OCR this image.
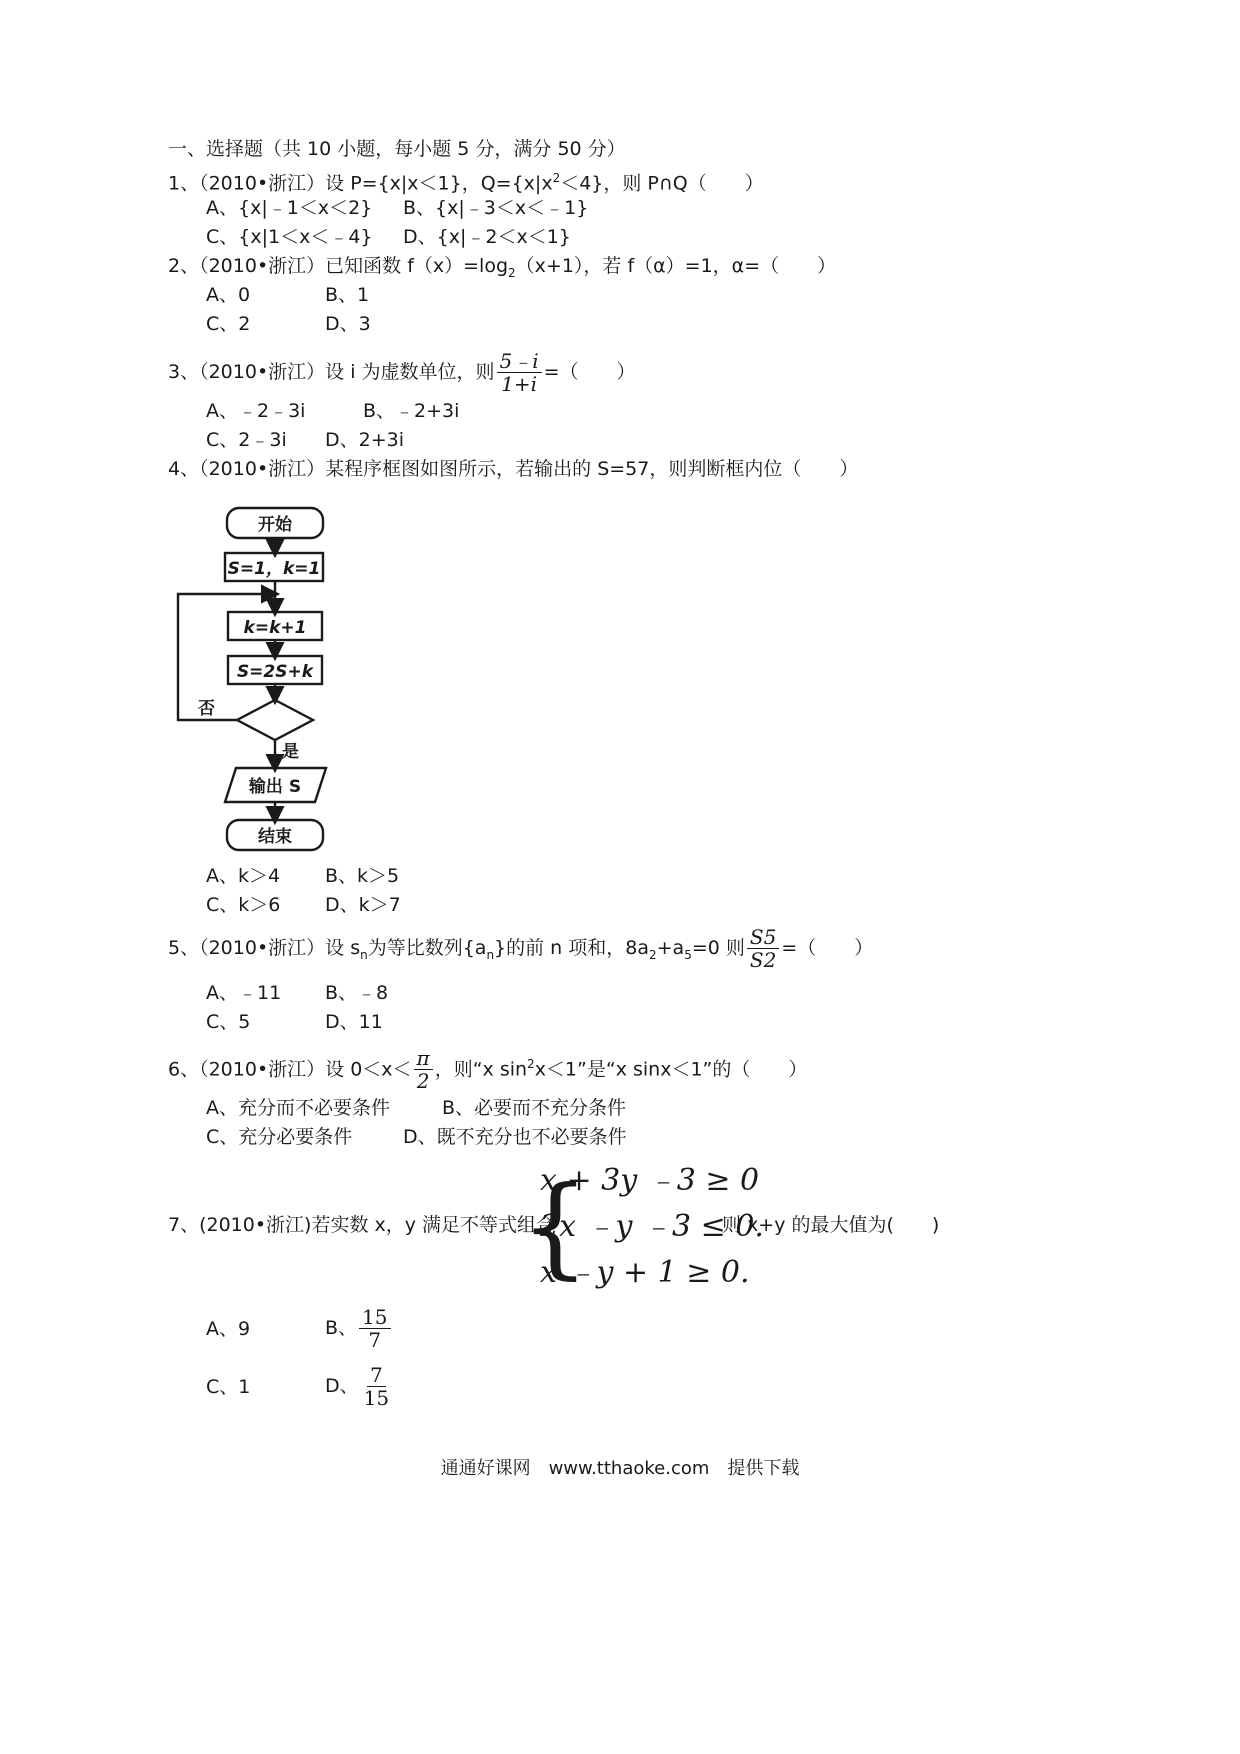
一、选择题（共 10 小题，每小题 5 分，满分 50 分）
1、（2010•浙江）设 P={x|x＜1}，$Q=\{x|x^2<4\}$，则 P∩Q（　　）
A、{x|﹣1＜x＜2} B、{x|﹣3＜x＜﹣1}
C、{x|1＜x＜﹣4} D、{x|﹣2＜x＜1}
2、（2010•浙江）已知函数 $f(x)=\log_2(x+1)$，若 f（α）=1，α=（　　）
A、0	B、1
C、2	D、3
3、（2010•浙江）设 i 为虚数单位，则 $\frac{5﹣i}{1+i}$ =（　　）
A、﹣2﹣3i	B、﹣2+3i
C、2﹣3i D、2+3i
4、（2010•浙江）某程序框图如图所示，若输出的 S=57，则判断框内位（　　）
开始
S=1，k=1
k=k+1
S=2S+k
否
是
输出 S
结束
A、k＞4 B、k＞5
C、k＞6 D、k＞7
5、（2010•浙江）设 $s_n$为等比数列$\{a_n\}$的前 n 项和，$8a_2+a_5=0$ 则 $\frac{S5}{S2}$ =（　　）
A、﹣11 B、﹣8
C、5	D、11
6、（2010•浙江）设 $0<x< \frac{\pi}{2}$ ，则“x $\sin^2x<1$”是“x sinx＜1”的（　　）
A、充分而不必要条件	B、必要而不充分条件
C、充分必要条件	D、既不充分也不必要条件
7、(2010•浙江)若实数 x，y 满足不等式组合
{
x + 3y ﹣3 ≥ 0
2x ﹣y ﹣3 ≤ 0.
x ﹣y + 1 ≥ 0.
则 x+y 的最大值为(　　)
A、9	B、 $\frac{15}{7}$
C、1	D、 $\frac{7}{15}$
通通好课网　www.tthaoke.com　提供下载
